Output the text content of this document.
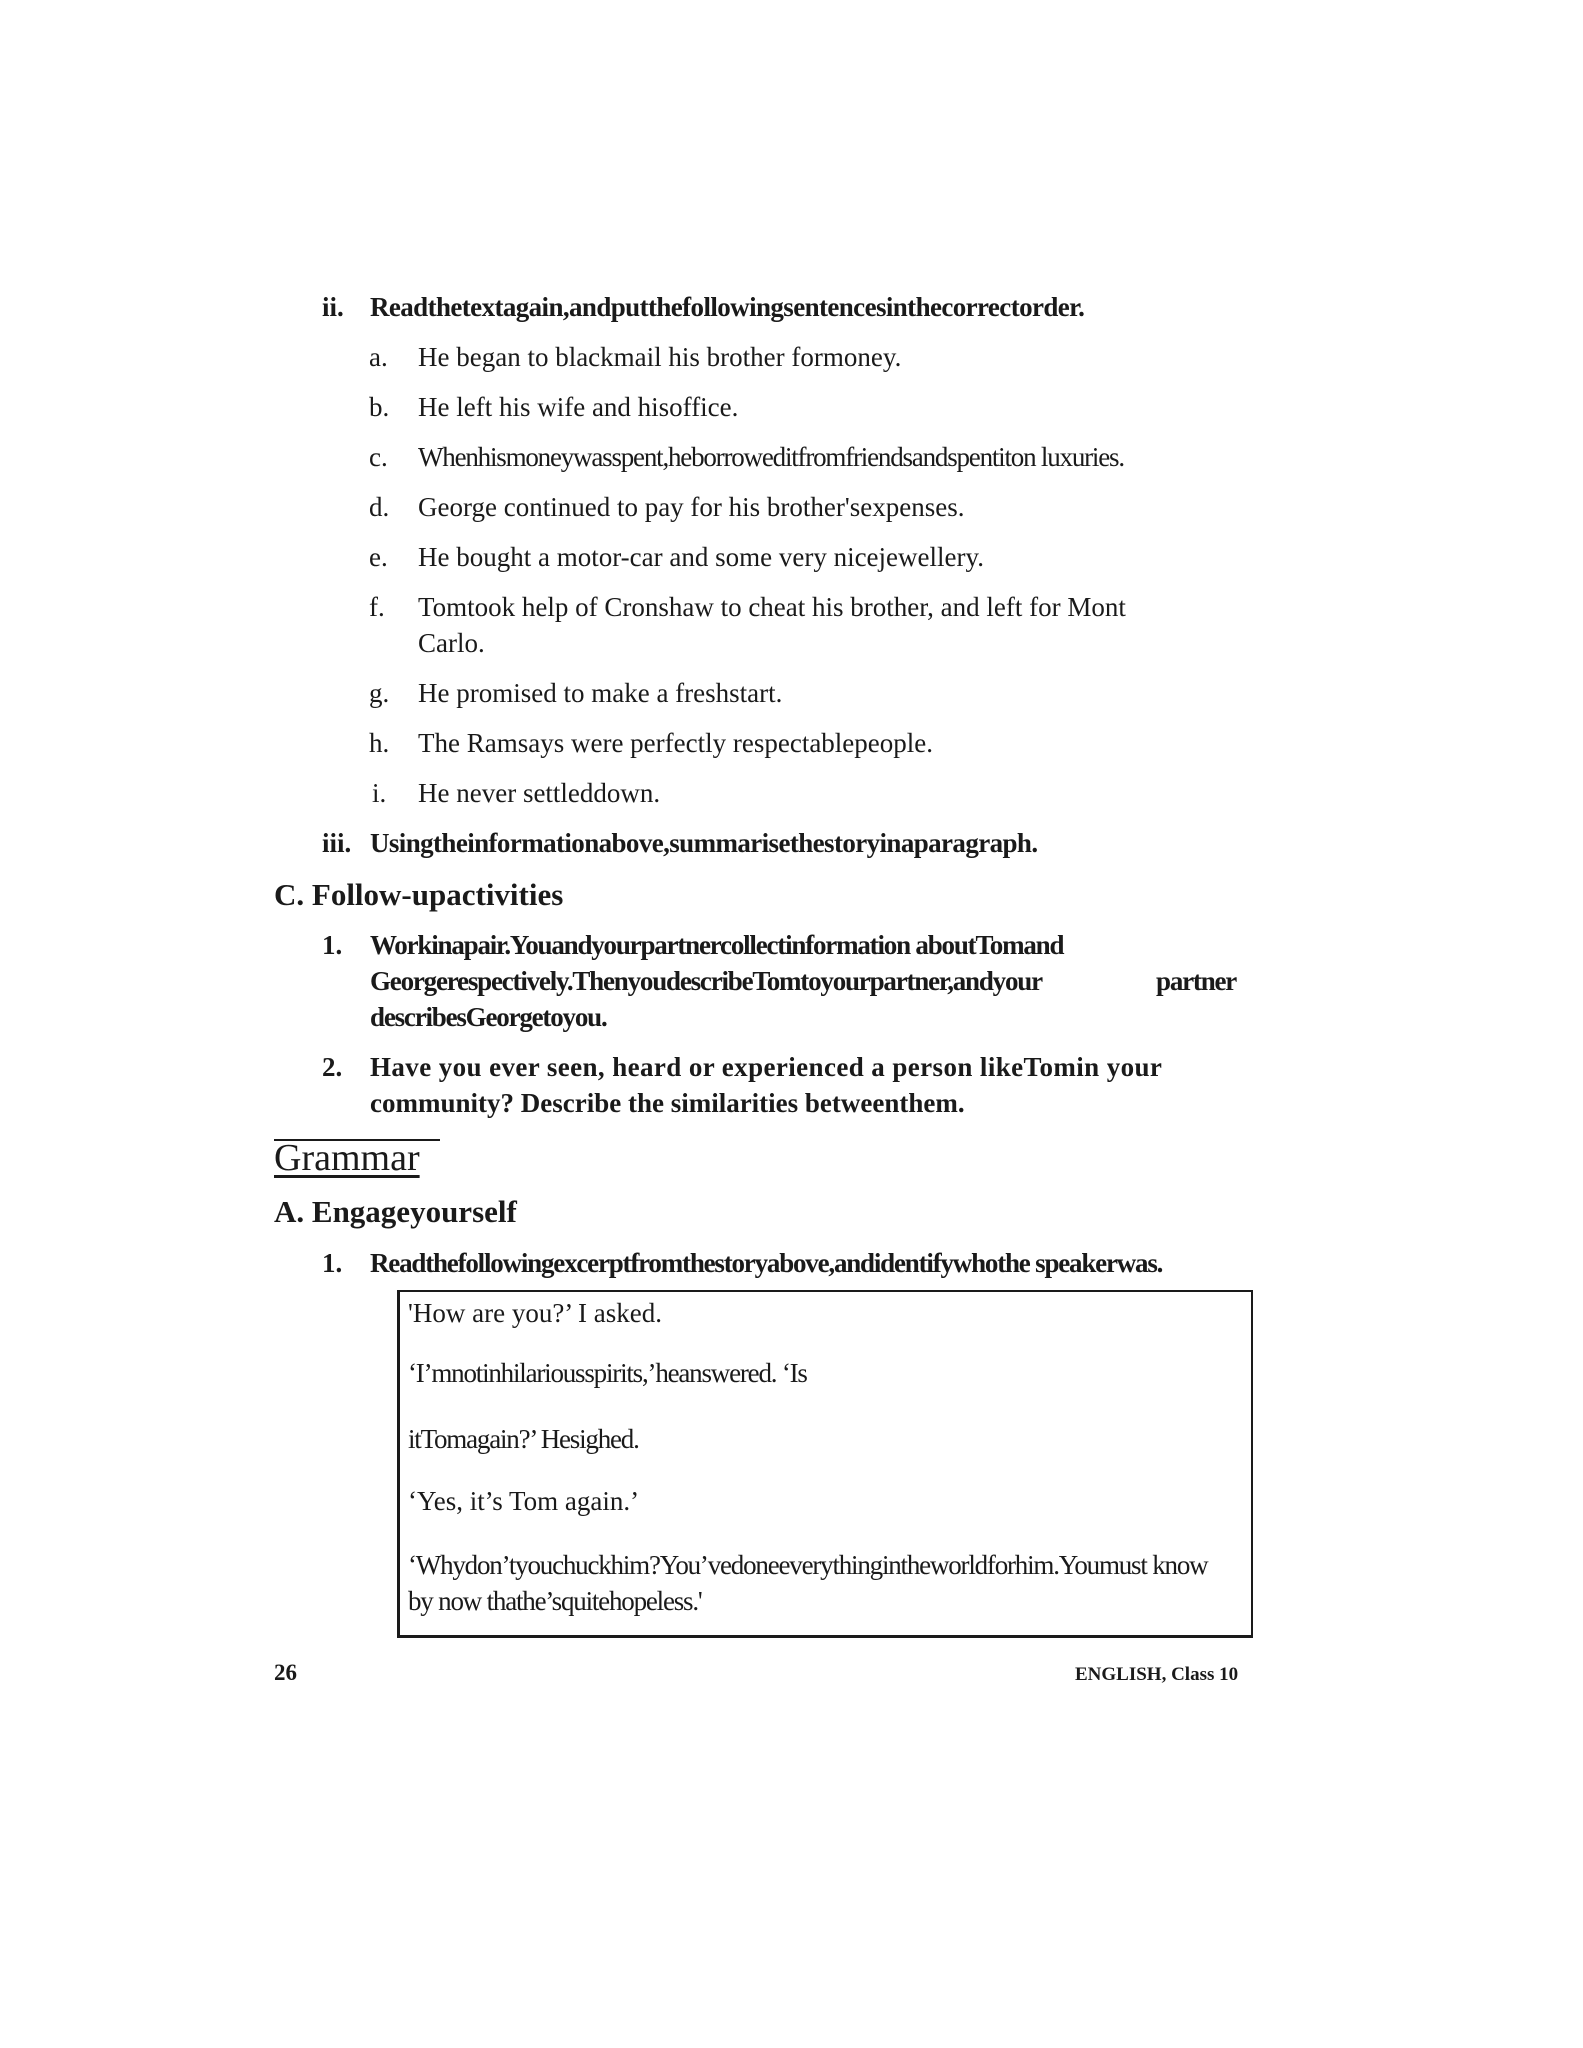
ii. Readthetextagain,andputthefollowingsentencesinthecorrectorder.
a. He began to blackmail his brother formoney.
b. He left his wife and hisoffice.
c. Whenhismoneywasspent,heborroweditfromfriendsandspentiton luxuries.
d. George continued to pay for his brother'sexpenses.
e. He bought a motor-car and some very nicejewellery.
f. Tomtook help of Cronshaw to cheat his brother, and left for Mont
Carlo.
g. He promised to make a freshstart.
h. The Ramsays were perfectly respectablepeople.
i. He never settleddown.
iii. Usingtheinformationabove,summarisethestoryinaparagraph.
C. Follow-upactivities
1. Workinapair.Youandyourpartnercollectinformation aboutTomand
Georgerespectively.ThenyoudescribeTomtoyourpartner,andyour	partner
describesGeorgetoyou.
2. Have you ever seen, heard or experienced a person likeTomin your
community? Describe the similarities betweenthem.
Grammar
A. Engageyourself
1. Readthefollowingexcerptfromthestoryabove,andidentifywhothe speakerwas.
'How are you?’ I asked.
‘I’mnotinhilariousspirits,’heanswered. ‘Is
itTomagain?’ Hesighed.
‘Yes, it’s Tom again.’
‘Whydon’tyouchuckhim?You’vedoneeverythingintheworldforhim.Youmust know
by now thathe’squitehopeless.'
26	ENGLISH, Class 10
